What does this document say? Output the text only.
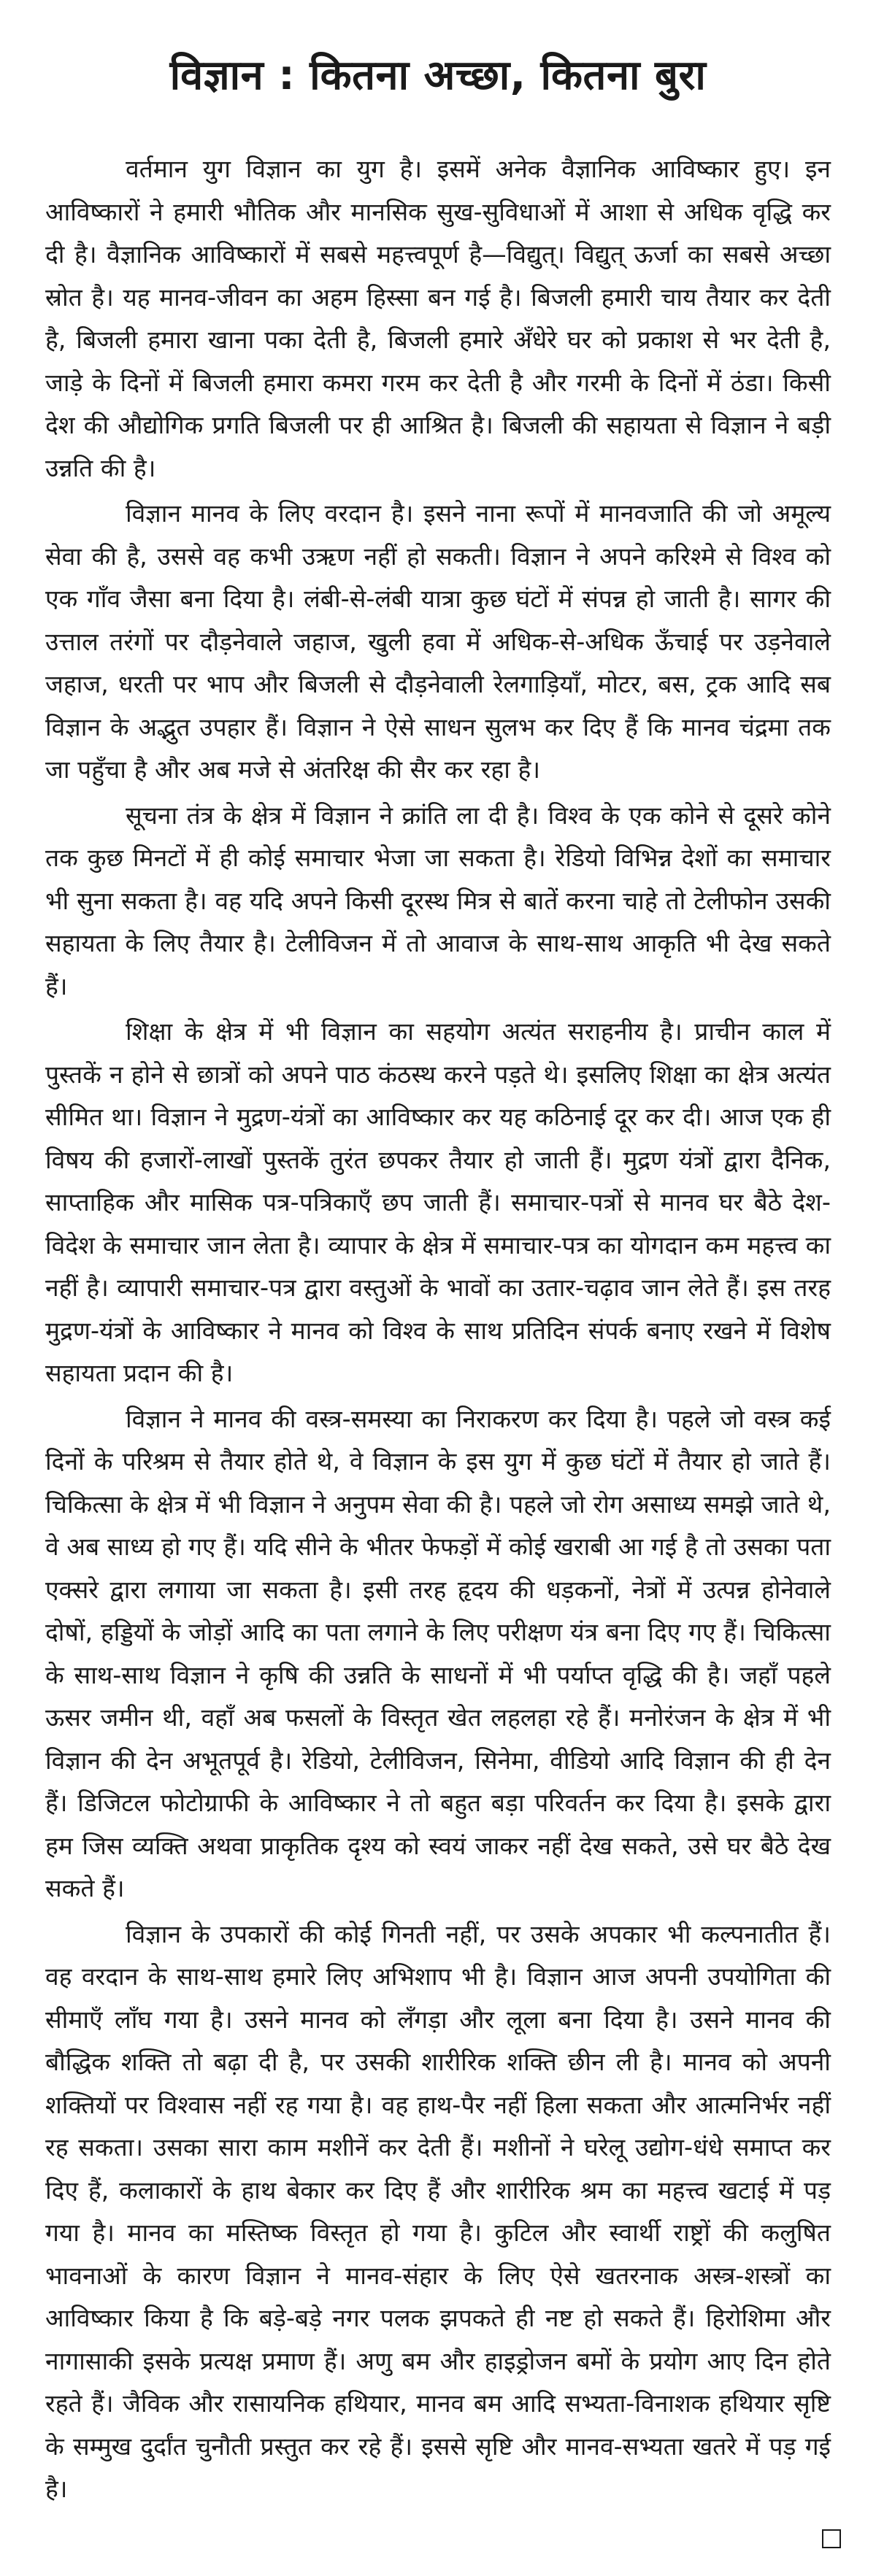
विज्ञान : कितना अच्छा, कितना बुरा

वर्तमान युग विज्ञान का युग है। इसमें अनेक वैज्ञानिक आविष्कार हुए। इन आविष्कारों ने हमारी भौतिक और मानसिक सुख-सुविधाओं में आशा से अधिक वृद्धि कर दी है। वैज्ञानिक आविष्कारों में सबसे महत्त्वपूर्ण है—विद्युत्। विद्युत् ऊर्जा का सबसे अच्छा स्रोत है। यह मानव-जीवन का अहम हिस्सा बन गई है। बिजली हमारी चाय तैयार कर देती है, बिजली हमारा खाना पका देती है, बिजली हमारे अँधेरे घर को प्रकाश से भर देती है, जाड़े के दिनों में बिजली हमारा कमरा गरम कर देती है और गरमी के दिनों में ठंडा। किसी देश की औद्योगिक प्रगति बिजली पर ही आश्रित है। बिजली की सहायता से विज्ञान ने बड़ी उन्नति की है।

विज्ञान मानव के लिए वरदान है। इसने नाना रूपों में मानवजाति की जो अमूल्य सेवा की है, उससे वह कभी उऋण नहीं हो सकती। विज्ञान ने अपने करिश्मे से विश्व को एक गाँव जैसा बना दिया है। लंबी-से-लंबी यात्रा कुछ घंटों में संपन्न हो जाती है। सागर की उत्ताल तरंगों पर दौड़नेवाले जहाज, खुली हवा में अधिक-से-अधिक ऊँचाई पर उड़नेवाले जहाज, धरती पर भाप और बिजली से दौड़नेवाली रेलगाड़ियाँ, मोटर, बस, ट्रक आदि सब विज्ञान के अद्भुत उपहार हैं। विज्ञान ने ऐसे साधन सुलभ कर दिए हैं कि मानव चंद्रमा तक जा पहुँचा है और अब मजे से अंतरिक्ष की सैर कर रहा है।

सूचना तंत्र के क्षेत्र में विज्ञान ने क्रांति ला दी है। विश्व के एक कोने से दूसरे कोने तक कुछ मिनटों में ही कोई समाचार भेजा जा सकता है। रेडियो विभिन्न देशों का समाचार भी सुना सकता है। वह यदि अपने किसी दूरस्थ मित्र से बातें करना चाहे तो टेलीफोन उसकी सहायता के लिए तैयार है। टेलीविजन में तो आवाज के साथ-साथ आकृति भी देख सकते हैं।

शिक्षा के क्षेत्र में भी विज्ञान का सहयोग अत्यंत सराहनीय है। प्राचीन काल में पुस्तकें न होने से छात्रों को अपने पाठ कंठस्थ करने पड़ते थे। इसलिए शिक्षा का क्षेत्र अत्यंत सीमित था। विज्ञान ने मुद्रण-यंत्रों का आविष्कार कर यह कठिनाई दूर कर दी। आज एक ही विषय की हजारों-लाखों पुस्तकें तुरंत छपकर तैयार हो जाती हैं। मुद्रण यंत्रों द्वारा दैनिक, साप्ताहिक और मासिक पत्र-पत्रिकाएँ छप जाती हैं। समाचार-पत्रों से मानव घर बैठे देश-विदेश के समाचार जान लेता है। व्यापार के क्षेत्र में समाचार-पत्र का योगदान कम महत्त्व का नहीं है। व्यापारी समाचार-पत्र द्वारा वस्तुओं के भावों का उतार-चढ़ाव जान लेते हैं। इस तरह मुद्रण-यंत्रों के आविष्कार ने मानव को विश्व के साथ प्रतिदिन संपर्क बनाए रखने में विशेष सहायता प्रदान की है।

विज्ञान ने मानव की वस्त्र-समस्या का निराकरण कर दिया है। पहले जो वस्त्र कई दिनों के परिश्रम से तैयार होते थे, वे विज्ञान के इस युग में कुछ घंटों में तैयार हो जाते हैं। चिकित्सा के क्षेत्र में भी विज्ञान ने अनुपम सेवा की है। पहले जो रोग असाध्य समझे जाते थे, वे अब साध्य हो गए हैं। यदि सीने के भीतर फेफड़ों में कोई खराबी आ गई है तो उसका पता एक्सरे द्वारा लगाया जा सकता है। इसी तरह हृदय की धड़कनों, नेत्रों में उत्पन्न होनेवाले दोषों, हड्डियों के जोड़ों आदि का पता लगाने के लिए परीक्षण यंत्र बना दिए गए हैं। चिकित्सा के साथ-साथ विज्ञान ने कृषि की उन्नति के साधनों में भी पर्याप्त वृद्धि की है। जहाँ पहले ऊसर जमीन थी, वहाँ अब फसलों के विस्तृत खेत लहलहा रहे हैं। मनोरंजन के क्षेत्र में भी विज्ञान की देन अभूतपूर्व है। रेडियो, टेलीविजन, सिनेमा, वीडियो आदि विज्ञान की ही देन हैं। डिजिटल फोटोग्राफी के आविष्कार ने तो बहुत बड़ा परिवर्तन कर दिया है। इसके द्वारा हम जिस व्यक्ति अथवा प्राकृतिक दृश्य को स्वयं जाकर नहीं देख सकते, उसे घर बैठे देख सकते हैं।

विज्ञान के उपकारों की कोई गिनती नहीं, पर उसके अपकार भी कल्पनातीत हैं। वह वरदान के साथ-साथ हमारे लिए अभिशाप भी है। विज्ञान आज अपनी उपयोगिता की सीमाएँ लाँघ गया है। उसने मानव को लँगड़ा और लूला बना दिया है। उसने मानव की बौद्धिक शक्ति तो बढ़ा दी है, पर उसकी शारीरिक शक्ति छीन ली है। मानव को अपनी शक्तियों पर विश्वास नहीं रह गया है। वह हाथ-पैर नहीं हिला सकता और आत्मनिर्भर नहीं रह सकता। उसका सारा काम मशीनें कर देती हैं। मशीनों ने घरेलू उद्योग-धंधे समाप्त कर दिए हैं, कलाकारों के हाथ बेकार कर दिए हैं और शारीरिक श्रम का महत्त्व खटाई में पड़ गया है। मानव का मस्तिष्क विस्तृत हो गया है। कुटिल और स्वार्थी राष्ट्रों की कलुषित भावनाओं के कारण विज्ञान ने मानव-संहार के लिए ऐसे खतरनाक अस्त्र-शस्त्रों का आविष्कार किया है कि बड़े-बड़े नगर पलक झपकते ही नष्ट हो सकते हैं। हिरोशिमा और नागासाकी इसके प्रत्यक्ष प्रमाण हैं। अणु बम और हाइड्रोजन बमों के प्रयोग आए दिन होते रहते हैं। जैविक और रासायनिक हथियार, मानव बम आदि सभ्यता-विनाशक हथियार सृष्टि के सम्मुख दुर्दांत चुनौती प्रस्तुत कर रहे हैं। इससे सृष्टि और मानव-सभ्यता खतरे में पड़ गई है।
